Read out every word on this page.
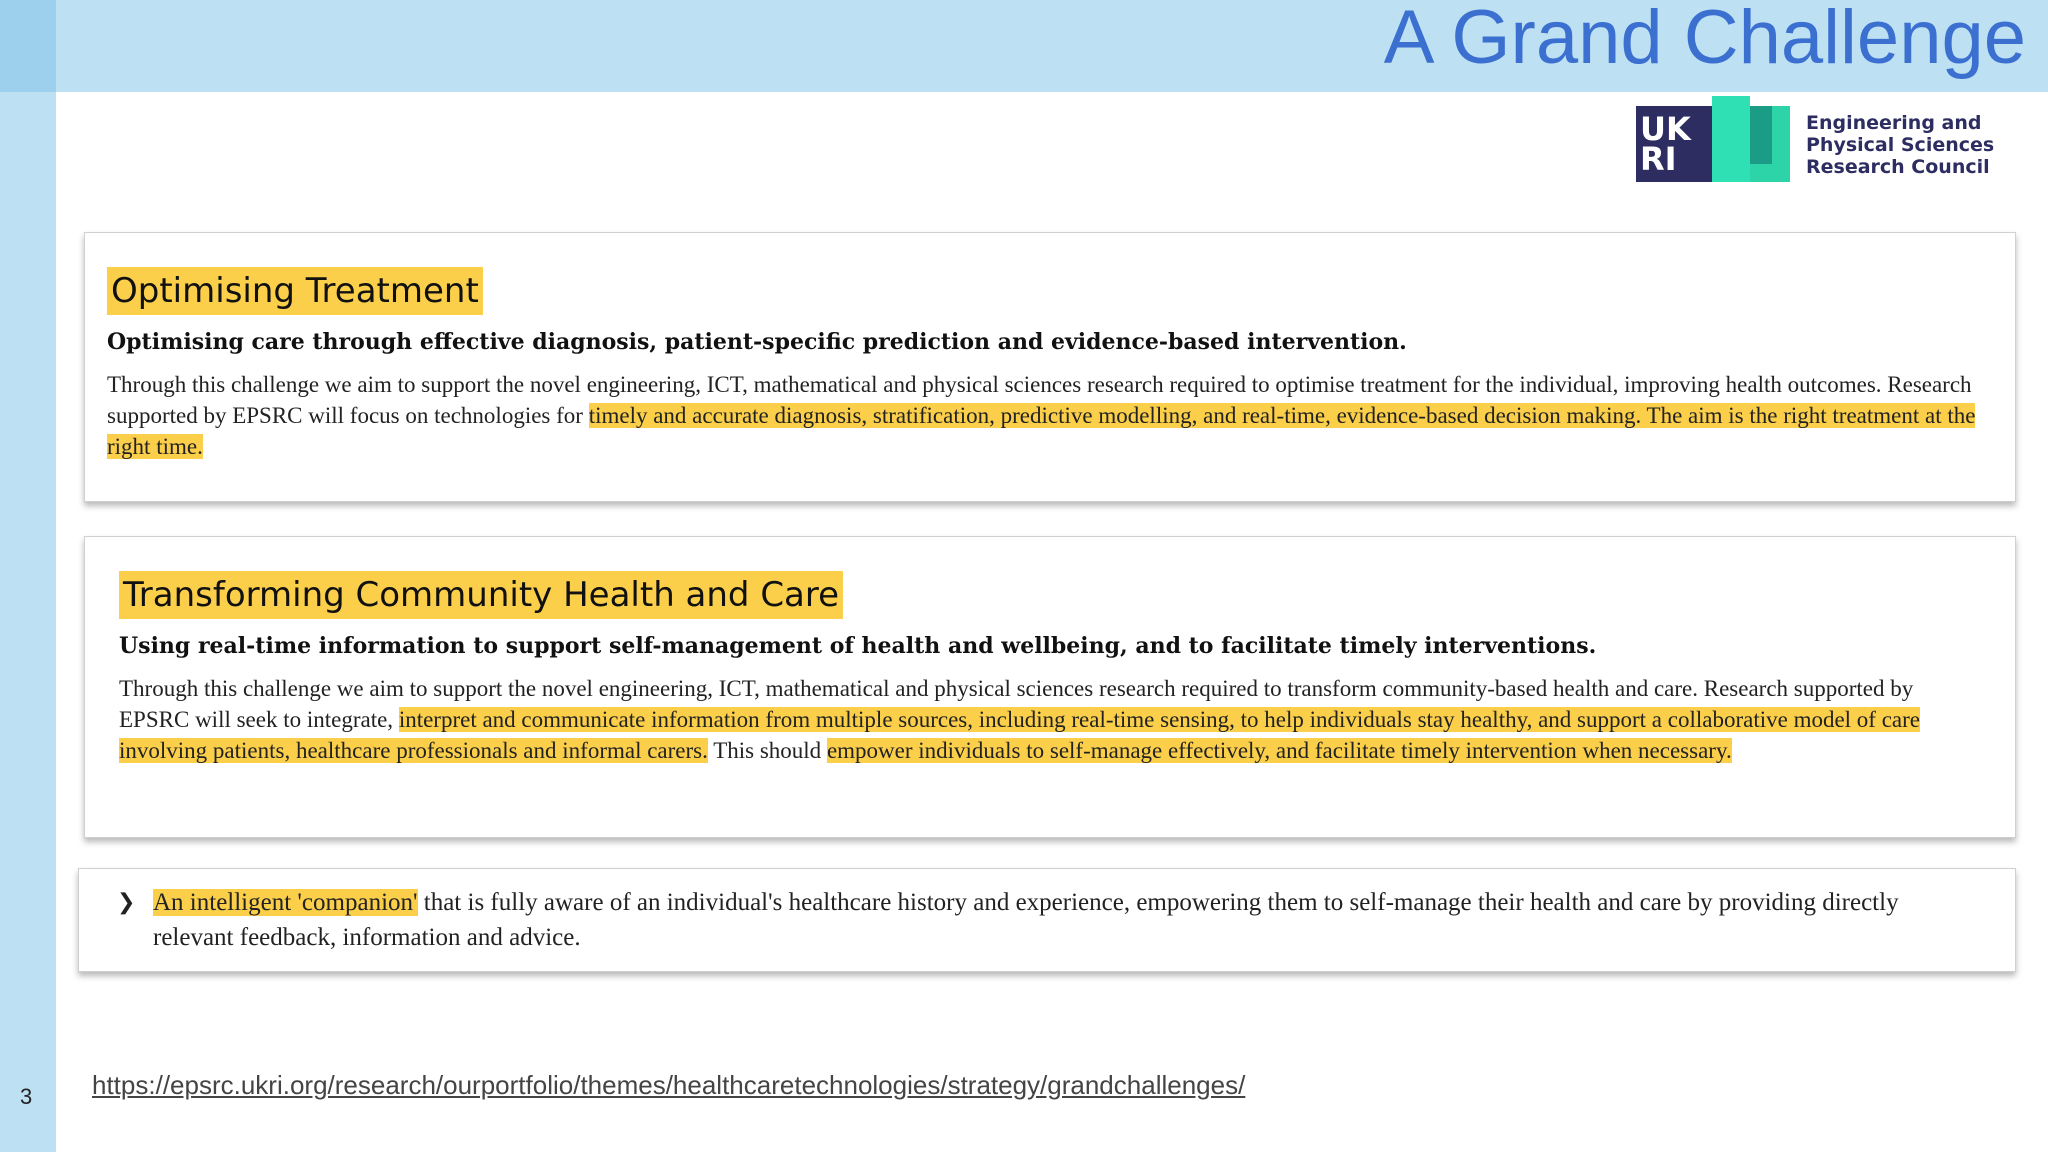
A Grand Challenge
UK RI
Engineering and
Physical Sciences
Research Council
Optimising Treatment
Optimising care through effective diagnosis, patient-specific prediction and evidence-based intervention.
Through this challenge we aim to support the novel engineering, ICT, mathematical and physical sciences research required to optimise treatment for the individual, improving health outcomes. Research supported by EPSRC will focus on technologies for timely and accurate diagnosis, stratification, predictive modelling, and real-time, evidence-based decision making. The aim is the right treatment at the right time.
Transforming Community Health and Care
Using real-time information to support self-management of health and wellbeing, and to facilitate timely interventions.
Through this challenge we aim to support the novel engineering, ICT, mathematical and physical sciences research required to transform community-based health and care. Research supported by EPSRC will seek to integrate, interpret and communicate information from multiple sources, including real-time sensing, to help individuals stay healthy, and support a collaborative model of care involving patients, healthcare professionals and informal carers. This should empower individuals to self-manage effectively, and facilitate timely intervention when necessary.
❯ An intelligent 'companion' that is fully aware of an individual's healthcare history and experience, empowering them to self-manage their health and care by providing directly relevant feedback, information and advice.
3 https://epsrc.ukri.org/research/ourportfolio/themes/healthcaretechnologies/strategy/grandchallenges/
